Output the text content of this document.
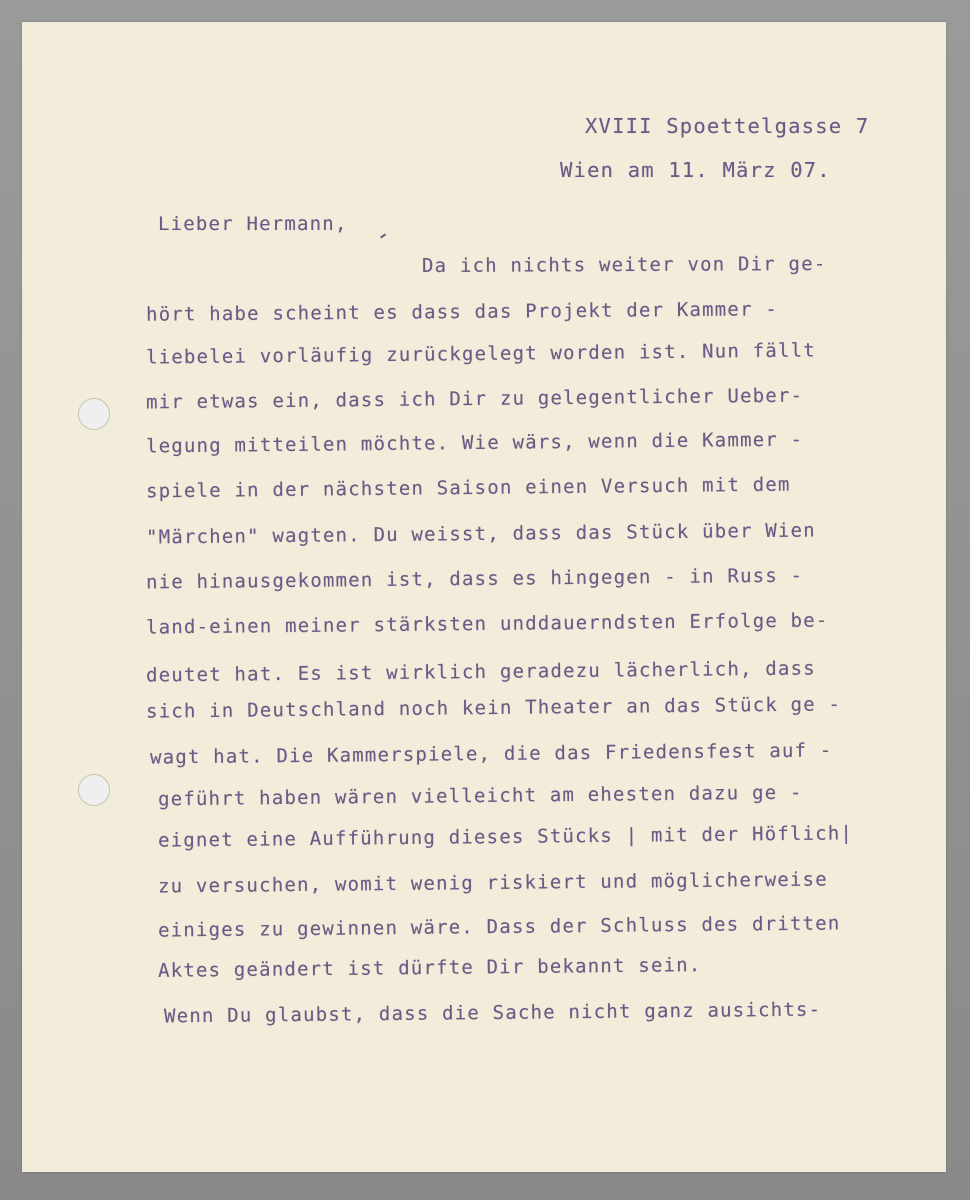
XVIII Spoettelgasse 7
Wien am 11. März 07.
Lieber Hermann,
Da ich nichts weiter von Dir ge-
hört habe scheint es dass das Projekt der Kammer -
liebelei vorläufig zurückgelegt worden ist. Nun fällt
mir etwas ein, dass ich Dir zu gelegentlicher Ueber-
legung mitteilen möchte. Wie wärs, wenn die Kammer -
spiele in der nächsten Saison einen Versuch mit dem
"Märchen" wagten. Du weisst, dass das Stück über Wien
nie hinausgekommen ist, dass es hingegen - in Russ -
land-einen meiner stärksten unddauerndsten Erfolge be-
deutet hat. Es ist wirklich geradezu lächerlich, dass
sich in Deutschland noch kein Theater an das Stück ge -
wagt hat. Die Kammerspiele, die das Friedensfest auf -
geführt haben wären vielleicht am ehesten dazu ge -
eignet eine Aufführung dieses Stücks | mit der Höflich|
zu versuchen, womit wenig riskiert und möglicherweise
einiges zu gewinnen wäre. Dass der Schluss des dritten
Aktes geändert ist dürfte Dir bekannt sein.
Wenn Du glaubst, dass die Sache nicht ganz ausichts-
